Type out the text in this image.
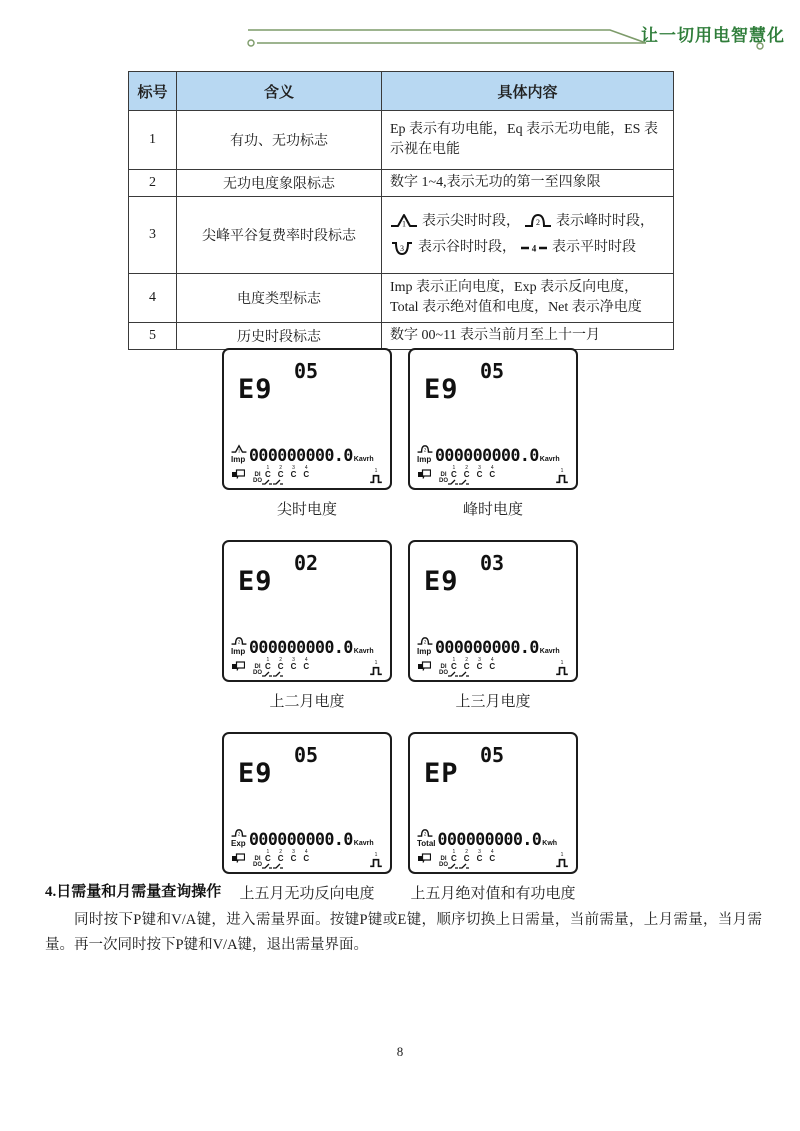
让一切用电智慧化
标号	含义	具体内容
1	有功、无功标志	Ep 表示有功电能，Eq 表示无功电能，ES 表示视在电能
2	无功电度象限标志	数字 1~4,表示无功的第一至四象限
3	尖峰平谷复费率时段标志	
1 表示尖时时段， 2 表示峰时时段，
3 表示谷时时段， 4 表示平时时段

4	电度类型标志	Imp 表示正向电度，Exp 表示反向电度，Total 表示绝对值和电度，Net 表示净电度
5	历史时段标志	数字 00~11 表示当前月至上十一月
E9
05
1
Imp 000000000.0 Kavrh
DI
DO
1
C
2
C
3
C
4
C	1
尖时电度
E9
05
2
Imp 000000000.0 Kavrh
DI
DO
1
C
2
C
3
C
4
C	1
峰时电度
E9
02
2
Imp 000000000.0 Kavrh
DI
DO
1
C
2
C
3
C
4
C	1
上二月电度
E9
03
2
Imp 000000000.0 Kavrh
DI
DO
1
C
2
C
3
C
4
C	1
上三月电度
E9
05
2
Exp 000000000.0 Kavrh
DI
DO
1
C
2
C
3
C
4
C	1
上五月无功反向电度
EP
05
2
Total 000000000.0 Kwh
DI
DO
1
C
2
C
3
C
4
C	1
上五月绝对值和有功电度
4.日需量和月需量查询操作

同时按下P键和V/A键，进入需量界面。按键P键或E键，顺序切换上日需量，当前需量，上月需量，当月需量。再一次同时按下P键和V/A键，退出需量界面。

8
